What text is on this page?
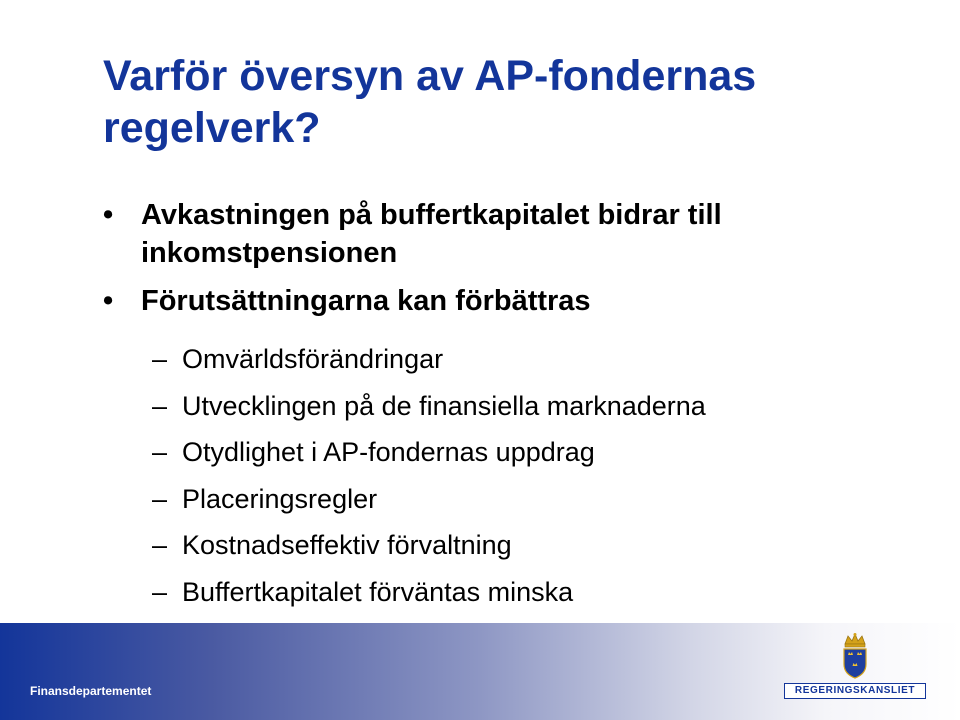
Varför översyn av AP-fondernas regelverk?
• Avkastningen på buffertkapitalet bidrar till inkomstpensionen
• Förutsättningarna kan förbättras
– Omvärldsförändringar
– Utvecklingen på de finansiella marknaderna
– Otydlighet i AP-fondernas uppdrag
– Placeringsregler
– Kostnadseffektiv förvaltning
– Buffertkapitalet förväntas minska
Finansdepartementet	REGERINGSKANSLIET
